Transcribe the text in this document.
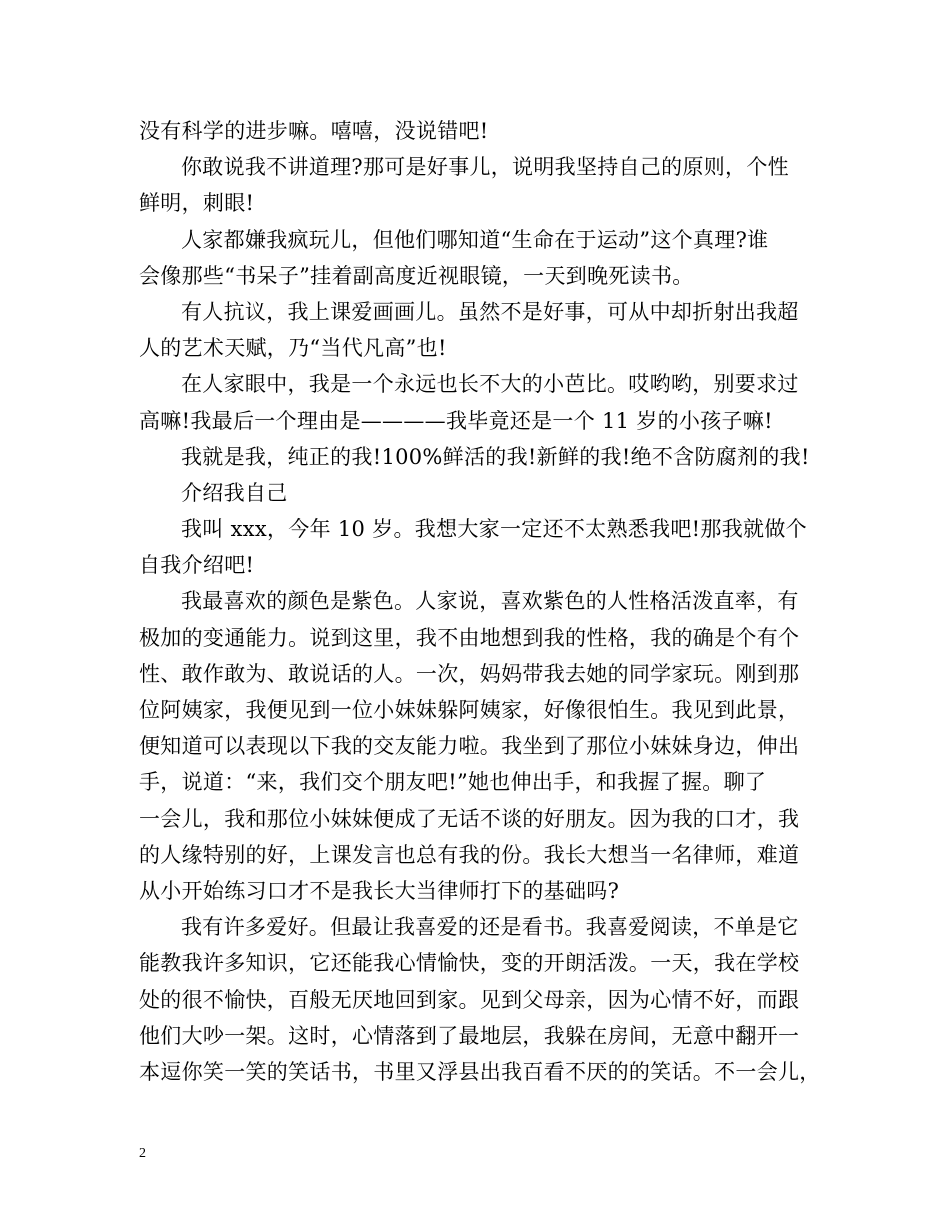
没有科学的进步嘛。嘻嘻，没说错吧!
你敢说我不讲道理?那可是好事儿，说明我坚持自己的原则，个性
鲜明，刺眼!
人家都嫌我疯玩儿，但他们哪知道“生命在于运动”这个真理?谁
会像那些“书呆子”挂着副高度近视眼镜，一天到晚死读书。
有人抗议，我上课爱画画儿。虽然不是好事，可从中却折射出我超
人的艺术天赋，乃“当代凡高”也!
在人家眼中，我是一个永远也长不大的小芭比。哎哟哟，别要求过
高嘛!我最后一个理由是————我毕竟还是一个 11 岁的小孩子嘛!
我就是我，纯正的我!100%鲜活的我!新鲜的我!绝不含防腐剂的我!
介绍我自己
我叫 xxx，今年 10 岁。我想大家一定还不太熟悉我吧!那我就做个
自我介绍吧!
我最喜欢的颜色是紫色。人家说，喜欢紫色的人性格活泼直率，有
极加的变通能力。说到这里，我不由地想到我的性格，我的确是个有个
性、敢作敢为、敢说话的人。一次，妈妈带我去她的同学家玩。刚到那
位阿姨家，我便见到一位小妹妹躲阿姨家，好像很怕生。我见到此景，
便知道可以表现以下我的交友能力啦。我坐到了那位小妹妹身边，伸出
手，说道：“来，我们交个朋友吧!”她也伸出手，和我握了握。聊了
一会儿，我和那位小妹妹便成了无话不谈的好朋友。因为我的口才，我
的人缘特别的好，上课发言也总有我的份。我长大想当一名律师，难道
从小开始练习口才不是我长大当律师打下的基础吗?
我有许多爱好。但最让我喜爱的还是看书。我喜爱阅读，不单是它
能教我许多知识，它还能我心情愉快，变的开朗活泼。一天，我在学校
处的很不愉快，百般无厌地回到家。见到父母亲，因为心情不好，而跟
他们大吵一架。这时，心情落到了最地层，我躲在房间，无意中翻开一
本逗你笑一笑的笑话书，书里又浮县出我百看不厌的的笑话。不一会儿，
2
